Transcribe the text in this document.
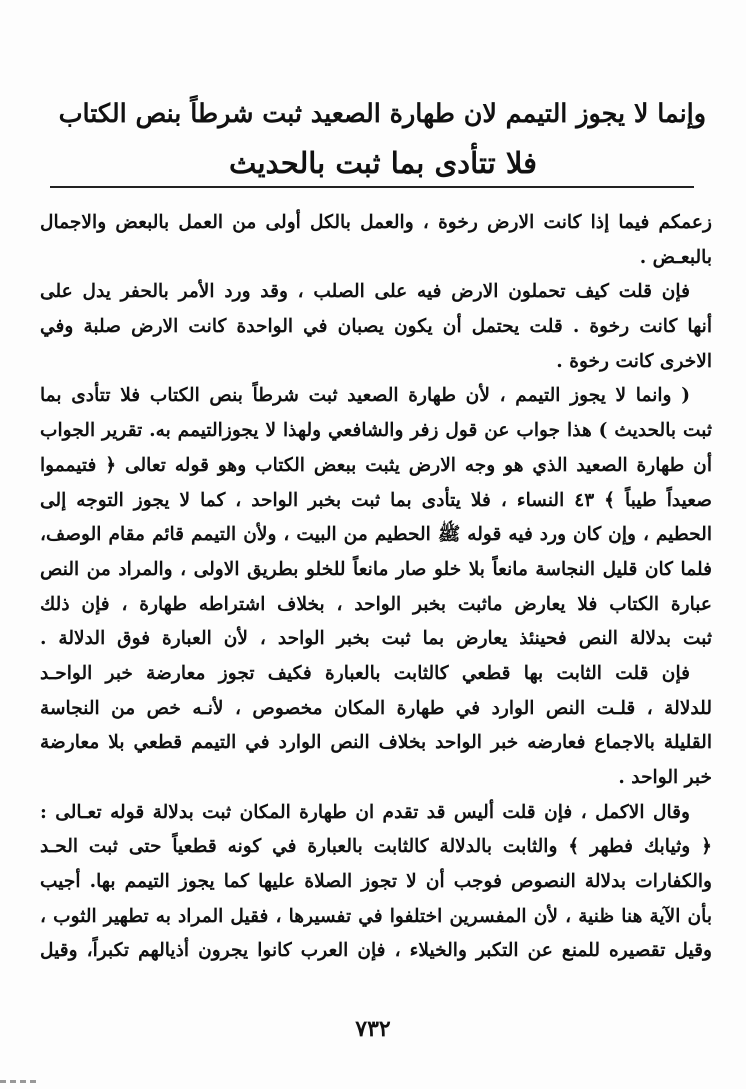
وإنما لا يجوز التيمم لان طهارة الصعيد ثبت شرطاً بنص الكتاب
فلا تتأدى بما ثبت بالحديث
زعمكم فيما إذا كانت الارض رخوة ، والعمل بالكل أولى من العمل بالبعض والاجمال
بالبعـض .
فإن قلت كيف تحملون الارض فيه على الصلب ، وقد ورد الأمر بالحفر يدل على
أنها كانت رخوة . قلت يحتمل أن يكون يصبان في الواحدة كانت الارض صلبة وفي
الاخرى كانت رخوة .
( وانما لا يجوز التيمم ، لأن طهارة الصعيد ثبت شرطاً بنص الكتاب فلا تتأدى بما
ثبت بالحديث ) هذا جواب عن قول زفر والشافعي ولهذا لا يجوزالتيمم به. تقرير الجواب
أن طهارة الصعيد الذي هو وجه الارض يثبت ببعض الكتاب وهو قوله تعالى ﴿ فتيمموا
صعيداً طيباً ﴾ ٤٣ النساء ، فلا يتأدى بما ثبت بخبر الواحد ، كما لا يجوز التوجه إلى
الحطيم ، وإن كان ورد فيه قوله ﷺ الحطيم من البيت ، ولأن التيمم قائم مقام الوصف،
فلما كان قليل النجاسة مانعاً بلا خلو صار مانعاً للخلو بطريق الاولى ، والمراد من النص
عبارة الكتاب فلا يعارض ماثبت بخبر الواحد ، بخلاف اشتراطه طهارة ، فإن ذلك
ثبت بدلالة النص فحينئذ يعارض بما ثبت بخبر الواحد ، لأن العبارة فوق الدلالة .
فإن قلت الثابت بها قطعي كالثابت بالعبارة فكيف تجوز معارضة خبر الواحـد
للدلالة ، قلـت النص الوارد في طهارة المكان مخصوص ، لأنـه خص من النجاسة
القليلة بالاجماع فعارضه خبر الواحد بخلاف النص الوارد في التيمم قطعي بلا معارضة
خبر الواحد .
وقال الاكمل ، فإن قلت أليس قد تقدم ان طهارة المكان ثبت بدلالة قوله تعـالى :
﴿ وثيابك فطهر ﴾ والثابت بالدلالة كالثابت بالعبارة في كونه قطعياً حتى ثبت الحـد
والكفارات بدلالة النصوص فوجب أن لا تجوز الصلاة عليها كما يجوز التيمم بها. أجيب
بأن الآية هنا ظنية ، لأن المفسرين اختلفوا في تفسيرها ، فقيل المراد به تطهير الثوب ،
وقيل تقصيره للمنع عن التكبر والخيلاء ، فإن العرب كانوا يجرون أذيالهم تكبراً، وقيل
٧٣٢
